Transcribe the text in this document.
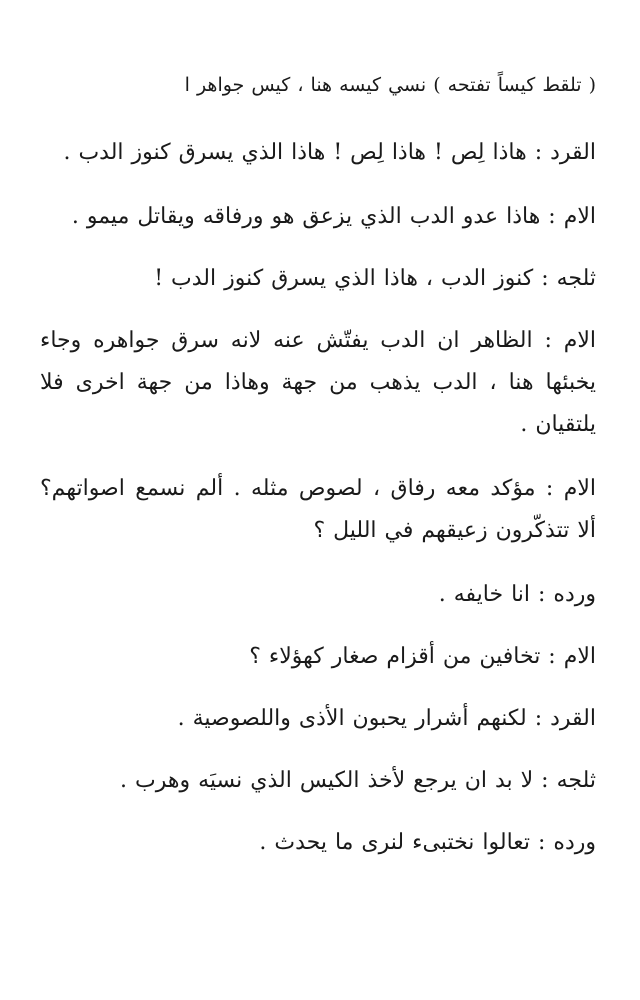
( تلقط كيساً تفتحه ) نسي كيسه هنا ، كيس جواهر ا

القرد : هاذا لِص ! هاذا لِص ! هاذا الذي يسرق كنوز الدب .

الام : هاذا عدو الدب الذي يزعق هو ورفاقه ويقاتل ميمو .

ثلجه : كنوز الدب ، هاذا الذي يسرق كنوز الدب !

الام : الظاهر ان الدب يفتّش عنه لانه سرق جواهره وجاء يخبئها هنا ، الدب يذهب من جهة وهاذا من جهة اخرى فلا يلتقيان .

الام : مؤكد معه رفاق ، لصوص مثله . ألم نسمع اصواتهم؟ ألا تتذكّرون زعيقهم في الليل ؟

ورده : انا خايفه .

الام : تخافين من أقزام صغار كهؤلاء ؟

القرد : لكنهم أشرار يحبون الأذى واللصوصية .

ثلجه : لا بد ان يرجع لأخذ الكيس الذي نسيَه وهرب .

ورده : تعالوا نختبىء لنرى ما يحدث .
